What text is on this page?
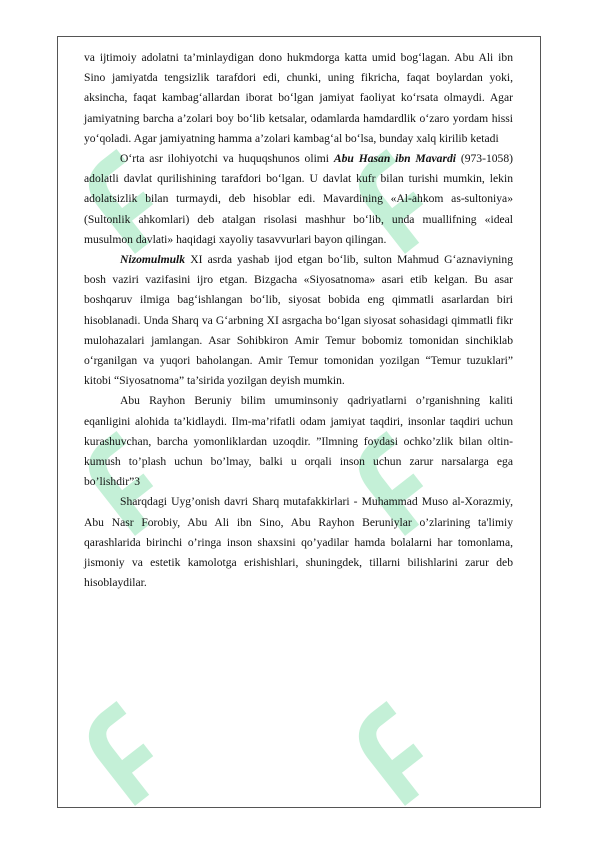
va ijtimoiy adolatni ta’minlaydigan dono hukmdorga katta umid bog‘lagan. Abu Ali ibn Sino jamiyatda tengsizlik tarafdori edi, chunki, uning fikricha, faqat boylardan yoki, aksincha, faqat kambag‘allardan iborat bo‘lgan jamiyat faoliyat ko‘rsata olmaydi. Agar jamiyatning barcha a’zolari boy bo‘lib ketsalar, odamlarda hamdardlik o‘zaro yordam hissi yo‘qoladi. Agar jamiyatning hamma a’zolari kambag‘al bo‘lsa, bunday xalq kirilib ketadi

O‘rta asr ilohiyotchi va huquqshunos olimi Abu Hasan ibn Mavardi (973-1058) adolatli davlat qurilishining tarafdori bo‘lgan. U davlat kufr bilan turishi mumkin, lekin adolatsizlik bilan turmaydi, deb hisoblar edi. Mavardining «Al-ahkom as-sultoniya» (Sultonlik ahkomlari) deb atalgan risolasi mashhur bo‘lib, unda muallifning «ideal musulmon davlati» haqidagi xayoliy tasavvurlari bayon qilingan.

Nizomulmulk XI asrda yashab ijod etgan bo‘lib, sulton Mahmud G‘aznaviyning bosh vaziri vazifasini ijro etgan. Bizgacha «Siyosatnoma» asari etib kelgan. Bu asar boshqaruv ilmiga bag‘ishlangan bo‘lib, siyosat bobida eng qimmatli asarlardan biri hisoblanadi. Unda Sharq va G‘arbning XI asrgacha bo‘lgan siyosat sohasidagi qimmatli fikr mulohazalari jamlangan. Asar Sohibkiron Amir Temur bobomiz tomonidan sinchiklab o‘rganilgan va yuqori baholangan. Amir Temur tomonidan yozilgan “Temur tuzuklari” kitobi “Siyosatnoma” ta’sirida yozilgan deyish mumkin.

Abu Rayhon Beruniy bilim umuminsoniy qadriyatlarni o’rganishning kaliti eqanligini alohida ta’kidlaydi. Ilm-ma’rifatli odam jamiyat taqdiri, insonlar taqdiri uchun kurashuvchan, barcha yomonliklardan uzoqdir. ”Ilmning foydasi ochko’zlik bilan oltin-kumush to’plash uchun bo’lmay, balki u orqali inson uchun zarur narsalarga ega bo’lishdir”3

Sharqdagi Uyg’onish davri Sharq mutafakkirlari - Muhammad Muso al-Xorazmiy, Abu Nasr Forobiy, Abu Ali ibn Sino, Abu Rayhon Beruniylar o’zlarining ta'limiy qarashlarida birinchi o’ringa inson shaxsini qo’yadilar hamda bolalarni har tomonlama, jismoniy va estetik kamolotga erishishlari, shuningdek, tillarni bilishlarini zarur deb hisoblaydilar.
